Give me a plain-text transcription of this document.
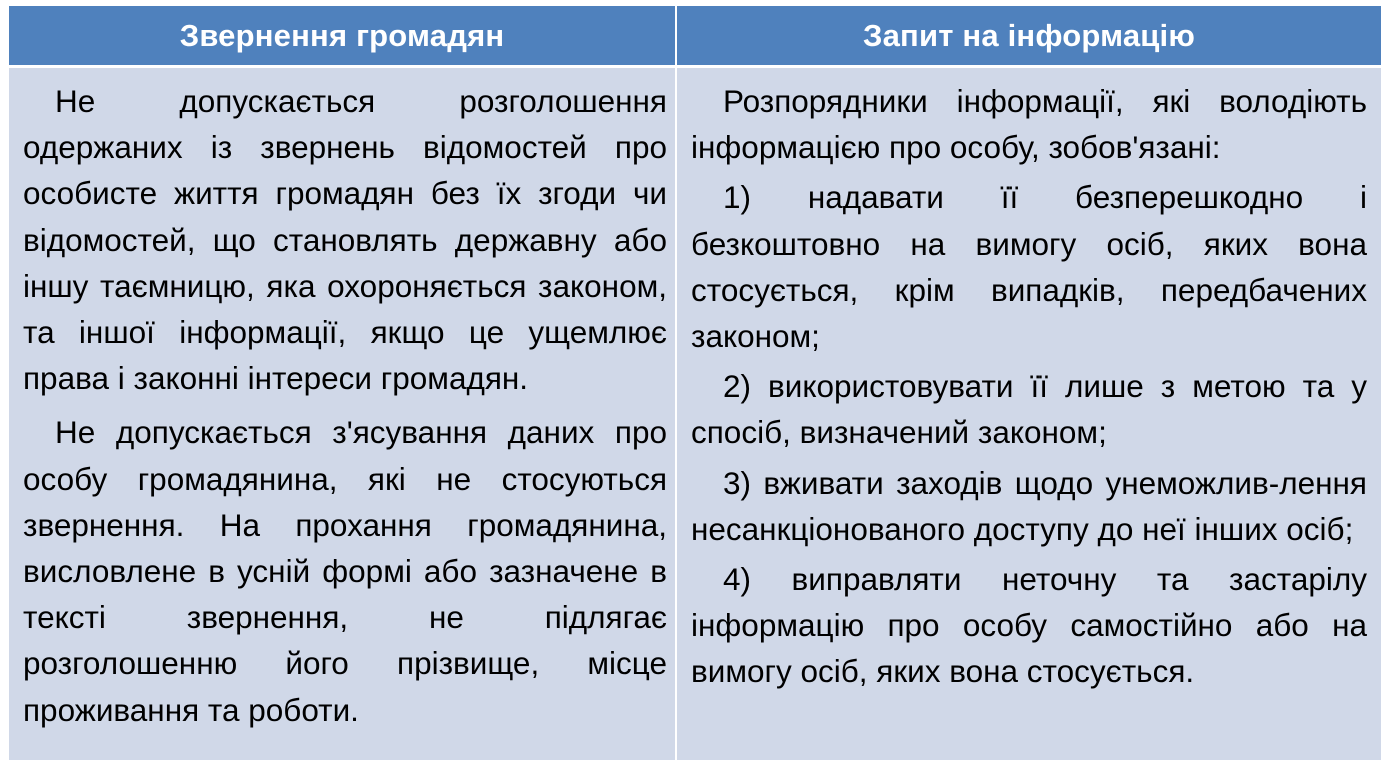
Звернення громадян	Запит на інформацію

Не допускається розголошення одержаних із звернень відомостей про особисте життя громадян без їх згоди чи відомостей, що становлять державну або іншу таємницю, яка охороняється законом, та іншої інформації, якщо це ущемлює права і законні інтереси громадян.

Не допускається з'ясування даних про особу громадянина, які не стосуються звернення. На прохання громадянина, висловлене в усній формі або зазначене в тексті звернення, не підлягає розголошенню його прізвище, місце проживання та роботи.

Розпорядники інформації, які володіють інформацією про особу, зобов'язані:

1) надавати її безперешкодно і безкоштовно на вимогу осіб, яких вона стосується, крім випадків, передбачених законом;

2) використовувати її лише з метою та у спосіб, визначений законом;

3) вживати заходів щодо унеможлив-лення несанкціонованого доступу до неї інших осіб;

4) виправляти неточну та застарілу інформацію про особу самостійно або на вимогу осіб, яких вона стосується.
